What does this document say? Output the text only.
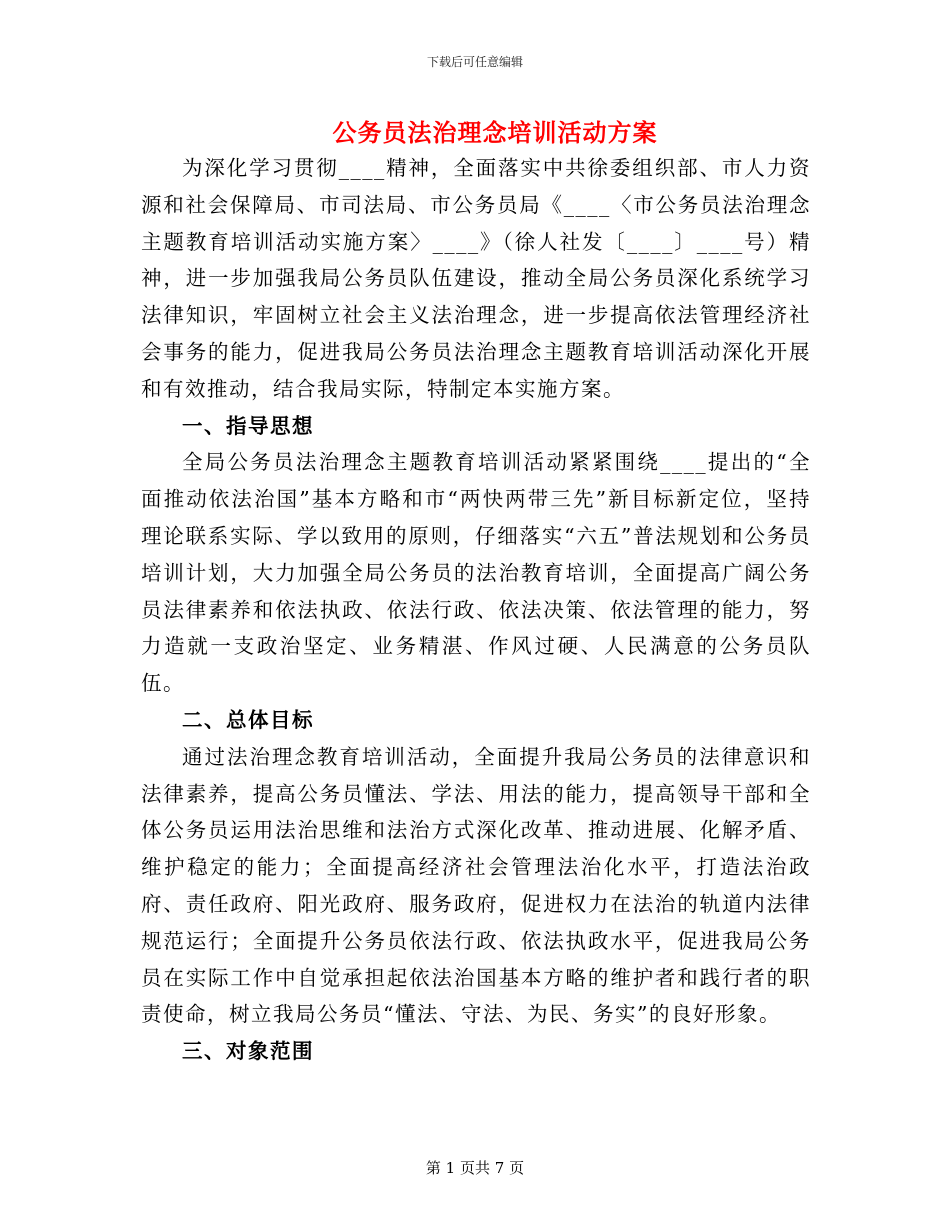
下载后可任意编辑
公务员法治理念培训活动方案

为深化学习贯彻____精神，全面落实中共徐委组织部、市人力资源和社会保障局、市司法局、市公务员局《____〈市公务员法治理念主题教育培训活动实施方案〉____》（徐人社发〔____〕____号）精神，进一步加强我局公务员队伍建设，推动全局公务员深化系统学习法律知识，牢固树立社会主义法治理念，进一步提高依法管理经济社会事务的能力，促进我局公务员法治理念主题教育培训活动深化开展和有效推动，结合我局实际，特制定本实施方案。

一、指导思想

全局公务员法治理念主题教育培训活动紧紧围绕____提出的“全面推动依法治国”基本方略和市“两快两带三先”新目标新定位，坚持理论联系实际、学以致用的原则，仔细落实“六五”普法规划和公务员培训计划，大力加强全局公务员的法治教育培训，全面提高广阔公务员法律素养和依法执政、依法行政、依法决策、依法管理的能力，努力造就一支政治坚定、业务精湛、作风过硬、人民满意的公务员队伍。

二、总体目标

通过法治理念教育培训活动，全面提升我局公务员的法律意识和法律素养，提高公务员懂法、学法、用法的能力，提高领导干部和全体公务员运用法治思维和法治方式深化改革、推动进展、化解矛盾、维护稳定的能力；全面提高经济社会管理法治化水平，打造法治政府、责任政府、阳光政府、服务政府，促进权力在法治的轨道内法律规范运行；全面提升公务员依法行政、依法执政水平，促进我局公务员在实际工作中自觉承担起依法治国基本方略的维护者和践行者的职责使命，树立我局公务员“懂法、守法、为民、务实”的良好形象。

三、对象范围
第 1 页共 7 页
